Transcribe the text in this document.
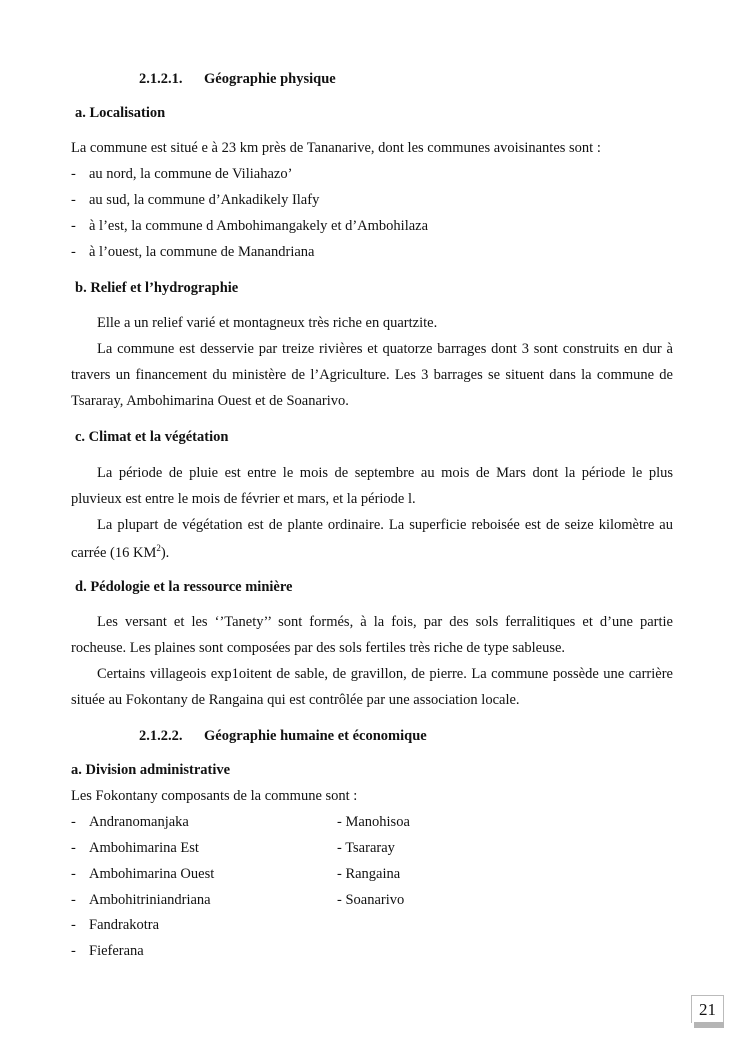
2.1.2.1. Géographie physique
a. Localisation
La commune est situé e à 23 km près de Tananarive, dont les communes avoisinantes sont :
- au nord, la commune de Viliahazo’
- au sud, la commune d’Ankadikely Ilafy
- à l’est, la commune d Ambohimangakely et d’Ambohilaza
- à l’ouest, la commune de Manandriana
b. Relief et l’hydrographie
Elle a un relief varié et montagneux très riche en quartzite.
La commune est desservie par treize rivières et quatorze barrages dont 3 sont construits en dur à
travers un financement du ministère de l’Agriculture. Les 3 barrages se situent dans la commune de
Tsararay, Ambohimarina Ouest et de Soanarivo.
c. Climat et la végétation
La période de pluie est entre le mois de septembre au mois de Mars dont la période le plus
pluvieux est entre le mois de février et mars, et la période l.
La plupart de végétation est de plante ordinaire. La superficie reboisée est de seize kilomètre au
carrée (16 $KM^2$).
d. Pédologie et la ressource minière
Les versant et les ‘’Tanety’’ sont formés, à la fois, par des sols ferralitiques et d’une partie
rocheuse. Les plaines sont composées par des sols fertiles très riche de type sableuse.
Certains villageois exp1oitent de sable, de gravillon, de pierre. La commune possède une carrière
située au Fokontany de Rangaina qui est contrôlée par une association locale.
2.1.2.2. Géographie humaine et économique
a. Division administrative
Les Fokontany composants de la commune sont :
- Andranomanjaka
- Ambohimarina Est
- Ambohimarina Ouest
- Ambohitriniandriana
- Fandrakotra
- Fieferana
- Manohisoa
- Tsararay
- Rangaina
- Soanarivo
21
